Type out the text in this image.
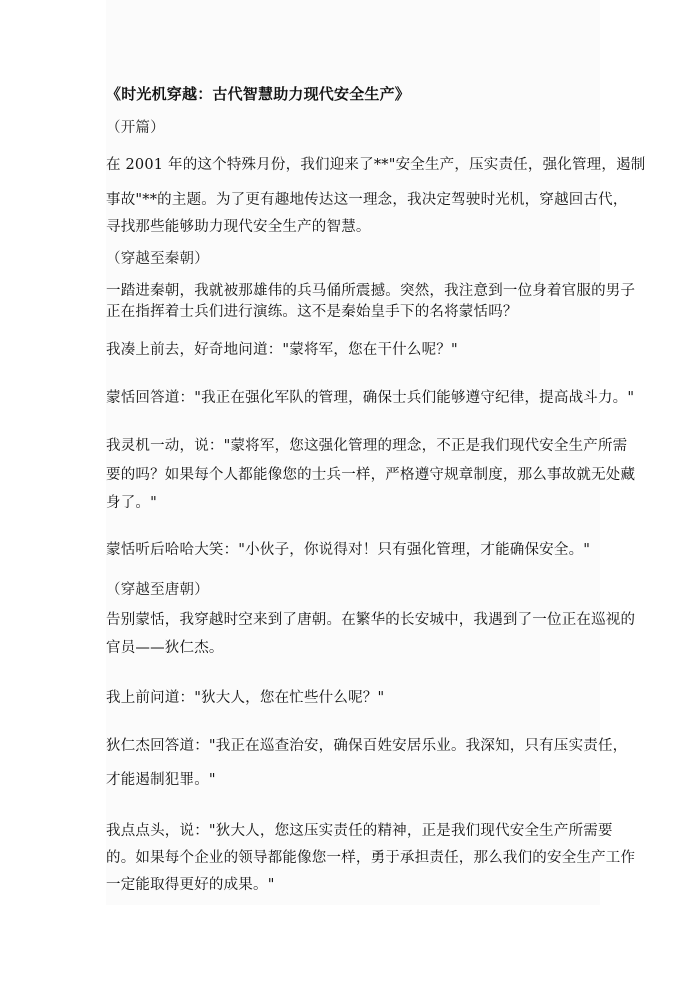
《时光机穿越：古代智慧助力现代安全生产》
（开篇）
在 2001 年的这个特殊月份，我们迎来了**"安全生产，压实责任，强化管理，遏制
事故"**的主题。为了更有趣地传达这一理念，我决定驾驶时光机，穿越回古代，
寻找那些能够助力现代安全生产的智慧。
（穿越至秦朝）
一踏进秦朝，我就被那雄伟的兵马俑所震撼。突然，我注意到一位身着官服的男子
正在指挥着士兵们进行演练。这不是秦始皇手下的名将蒙恬吗？
我凑上前去，好奇地问道："蒙将军，您在干什么呢？"
蒙恬回答道："我正在强化军队的管理，确保士兵们能够遵守纪律，提高战斗力。"
我灵机一动，说："蒙将军，您这强化管理的理念，不正是我们现代安全生产所需
要的吗？如果每个人都能像您的士兵一样，严格遵守规章制度，那么事故就无处藏
身了。"
蒙恬听后哈哈大笑："小伙子，你说得对！只有强化管理，才能确保安全。"
（穿越至唐朝）
告别蒙恬，我穿越时空来到了唐朝。在繁华的长安城中，我遇到了一位正在巡视的
官员——狄仁杰。
我上前问道："狄大人，您在忙些什么呢？"
狄仁杰回答道："我正在巡查治安，确保百姓安居乐业。我深知，只有压实责任，
才能遏制犯罪。"
我点点头，说："狄大人，您这压实责任的精神，正是我们现代安全生产所需要
的。如果每个企业的领导都能像您一样，勇于承担责任，那么我们的安全生产工作
一定能取得更好的成果。"
